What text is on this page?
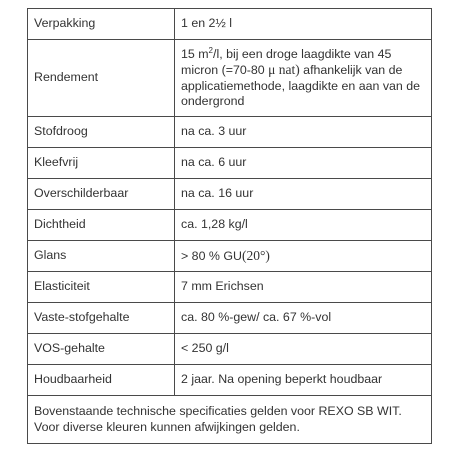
Verpakking	1 en 2½ l
Rendement	15 $m^2/l$, bij een droge laagdikte van 45 micron (=70-80 μ nat) afhankelijk van de applicatiemethode, laagdikte en aan van de ondergrond
Stofdroog	na ca. 3 uur
Kleefvrij	na ca. 6 uur
Overschilderbaar	na ca. 16 uur
Dichtheid	ca. 1,28 kg/l
Glans	> 80 % GU(20°)
Elasticiteit	7 mm Erichsen
Vaste-stofgehalte	ca. 80 %-gew/ ca. 67 %-vol
VOS-gehalte	< 250 g/l
Houdbaarheid	2 jaar. Na opening beperkt houdbaar
Bovenstaande technische specificaties gelden voor REXO SB WIT. Voor diverse kleuren kunnen afwijkingen gelden.	
